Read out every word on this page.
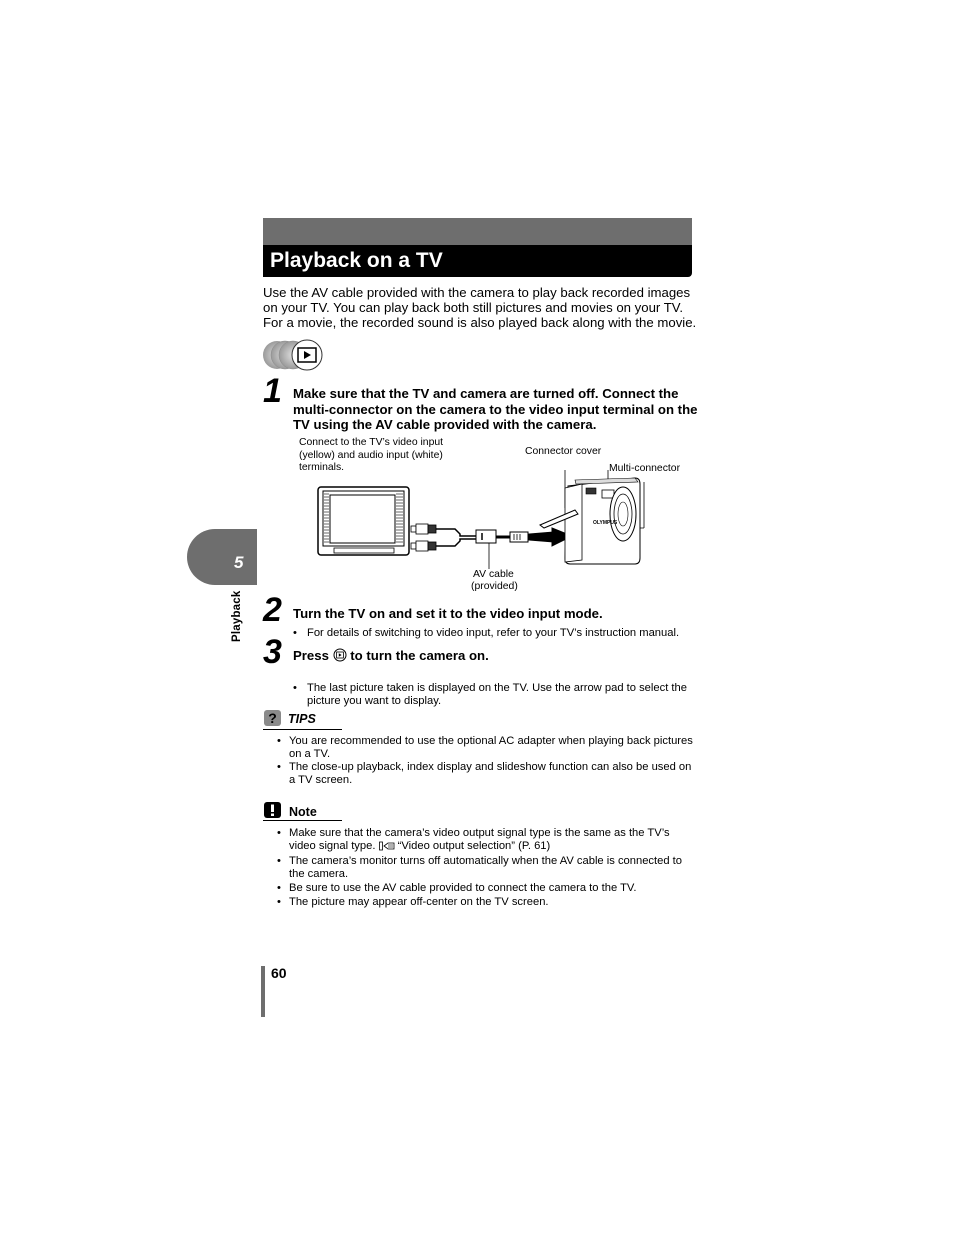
Playback on a TV
Use the AV cable provided with the camera to play back recorded images on your TV. You can play back both still pictures and movies on your TV. For a movie, the recorded sound is also played back along with the movie.
1 Make sure that the TV and camera are turned off. Connect the multi-connector on the camera to the video input terminal on the TV using the AV cable provided with the camera.
Connect to the TV’s video input (yellow) and audio input (white) terminals.
Connector cover
Multi-connector
AV cable
(provided)
OLYMPUS
5
Playback 2 Turn the TV on and set it to the video input mode.
• For details of switching to video input, refer to your TV’s instruction manual.
3 Press to turn the camera on.
• The last picture taken is displayed on the TV. Use the arrow pad to select the picture you want to display.
? TIPS
• You are recommended to use the optional AC adapter when playing back pictures on a TV.
• The close-up playback, index display and slideshow function can also be used on a TV screen.
Note
• Make sure that the camera’s video output signal type is the same as the TV’s video signal type. “Video output selection” (P. 61)
• The camera’s monitor turns off automatically when the AV cable is connected to the camera.
• Be sure to use the AV cable provided to connect the camera to the TV.
• The picture may appear off-center on the TV screen.
60
